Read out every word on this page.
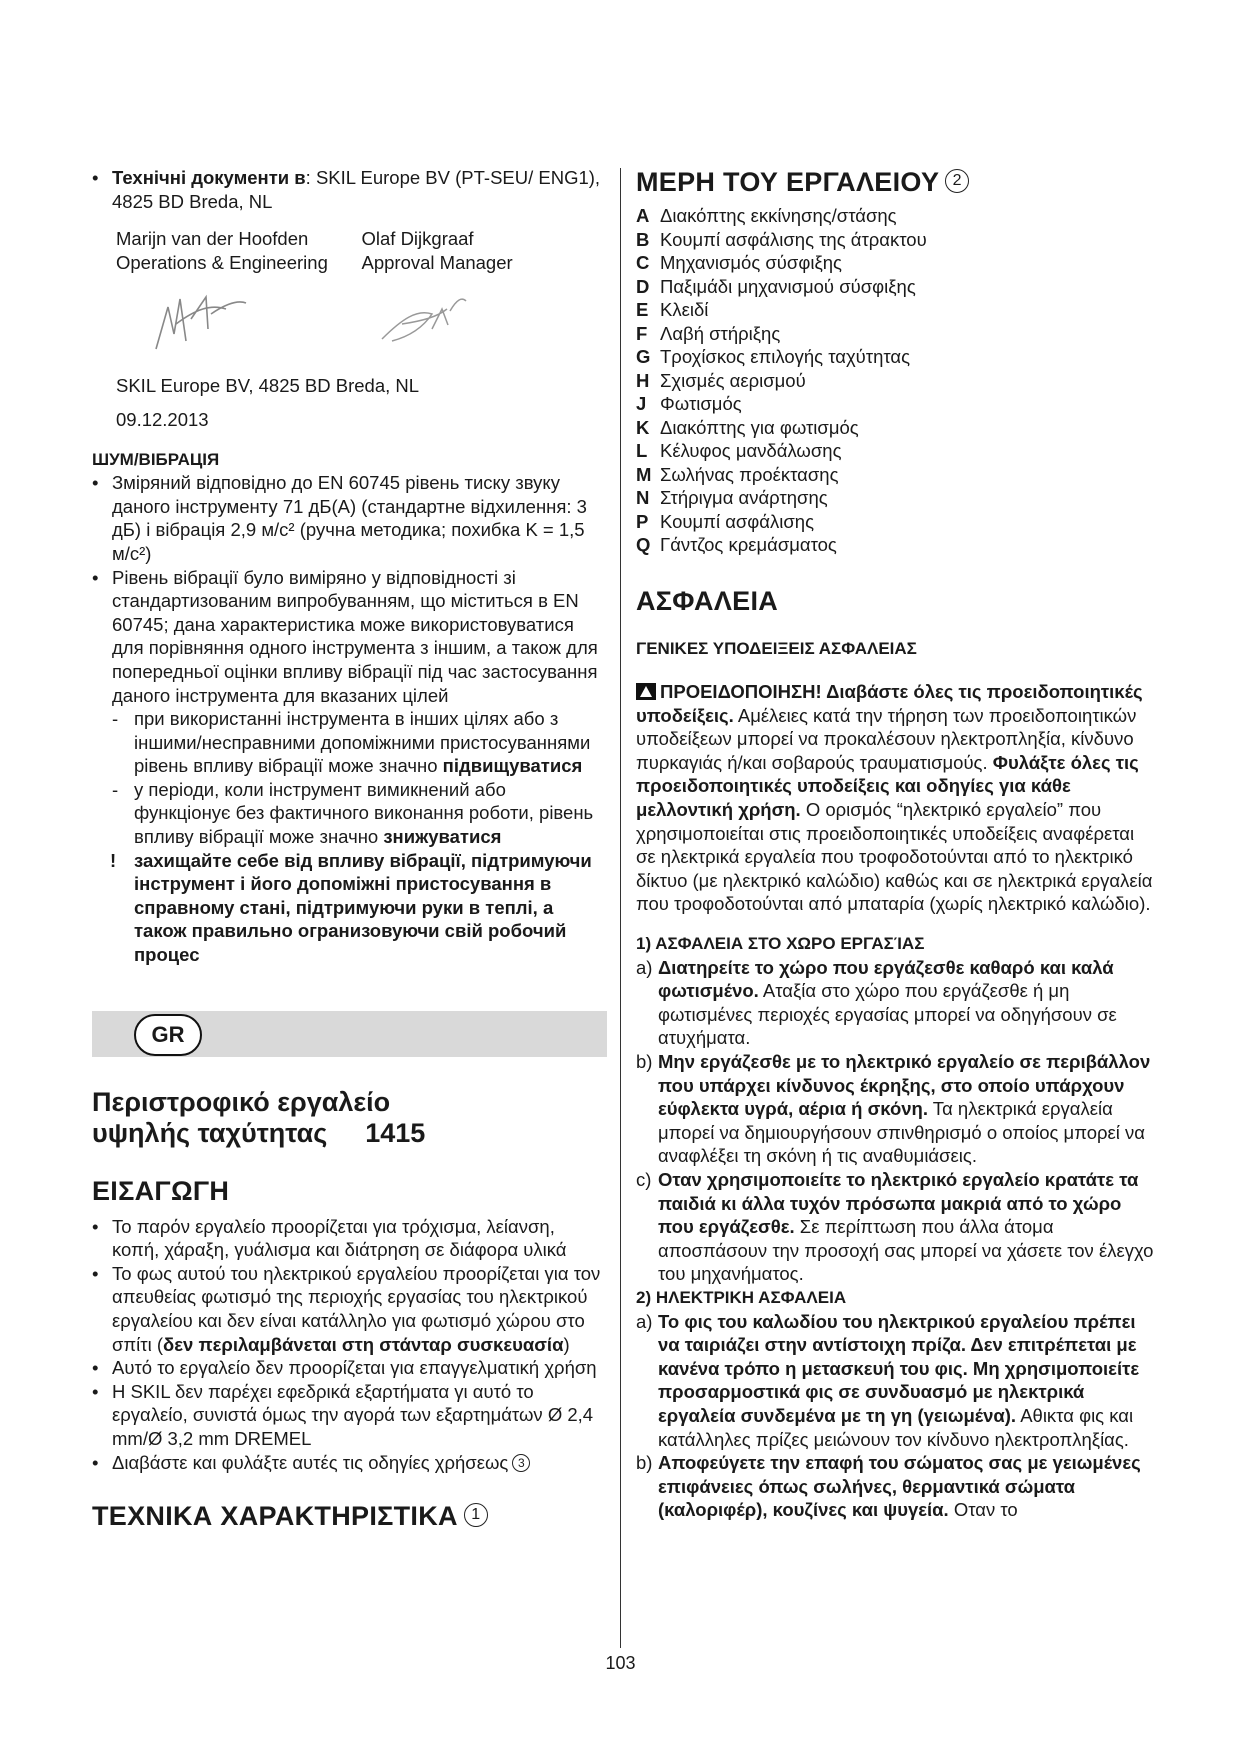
• Технічні документи в: SKIL Europe BV (PT-SEU/ ENG1), 4825 BD Breda, NL

Marijn van der Hoofden

Operations & Engineering

Olaf Dijkgraaf

Approval Manager

SKIL Europe BV, 4825 BD Breda, NL

09.12.2013

ШУМ/ВІБРАЦІЯ

• Зміряний відповідно до EN 60745 рівень тиску звуку даного інструменту 71 дБ(A) (стандартне відхилення: 3 дБ) і вібрація 2,9 м/с² (ручна методика; похибка K = 1,5 м/с²)

• Рівень вібрації було виміряно у відповідності зі стандартизованим випробуванням, що міститься в EN 60745; дана характеристика може використовуватися для порівняння одного інструмента з іншим, а також для попередньої оцінки впливу вібрації під час застосування даного інструмента для вказаних цілей

- при використанні інструмента в інших цілях або з іншими/несправними допоміжними пристосуваннями рівень впливу вібрації може значно підвищуватися

- у періоди, коли інструмент вимикнений або функціонує без фактичного виконання роботи, рівень впливу вібрації може значно знижуватися

! захищайте себе від впливу вібрації, підтримуючи інструмент і його допоміжні пристосування в справному стані, підтримуючи руки в теплі, а також правильно огранизовуючи свій робочий процес

GR
Περιστροφικό εργαλείο
υψηλής ταχύτητας 1415
ΕΙΣΑΓΩΓΗ

• Το παρόν εργαλείο προορίζεται για τρόχισμα, λείανση, κοπή, χάραξη, γυάλισμα και διάτρηση σε διάφορα υλικά

• Το φως αυτού του ηλεκτρικού εργαλείου προορίζεται για τον απευθείας φωτισμό της περιοχής εργασίας του ηλεκτρικού εργαλείου και δεν είναι κατάλληλο για φωτισμό χώρου στο σπίτι (δεν περιλαμβάνεται στη στάνταρ συσκευασία)

• Αυτό το εργαλείο δεν προορίζεται για επαγγελματική χρήση

• Η SKIL δεν παρέχει εφεδρικά εξαρτήματα γι αυτό το εργαλείο, συνιστά όμως την αγορά των εξαρτημάτων Ø 2,4 mm/Ø 3,2 mm DREMEL

• Διαβάστε και φυλάξτε αυτές τις οδηγίες χρήσεως 3

ΤΕΧΝΙΚΑ ΧΑΡΑΚΤΗΡΙΣΤΙΚΑ 1
ΜΕΡΗ ΤΟΥ ΕΡΓΑΛΕΙΟΥ 2

A Διακόπτης εκκίνησης/στάσης

B Κουμπί ασφάλισης της άτρακτου

C Μηχανισμός σύσφιξης

D Παξιμάδι μηχανισμού σύσφιξης

E Κλειδί

F Λαβή στήριξης

G Τροχίσκος επιλογής ταχύτητας

H Σχισμές αερισμού

J Φωτισμός

K Διακόπτης για φωτισμός

L Κέλυφος μανδάλωσης

M Σωλήνας προέκτασης

N Στήριγμα ανάρτησης

P Κουμπί ασφάλισης

Q Γάντζος κρεμάσματος

ΑΣΦΑΛΕΙΑ

ΓΕΝΙΚΕΣ ΥΠΟΔΕΙΞΕΙΣ ΑΣΦΑΛΕΙΑΣ

ΠΡΟΕΙΔΟΠΟΙΗΣΗ! Διαβάστε όλες τις προειδοποιητικές υποδείξεις. Αμέλειες κατά την τήρηση των προειδοποιητικών υποδείξεων μπορεί να προκαλέσουν ηλεκτροπληξία, κίνδυνο πυρκαγιάς ή/και σοβαρούς τραυματισμούς. Φυλάξτε όλες τις προειδοποιητικές υποδείξεις και οδηγίες για κάθε μελλοντική χρήση. Ο ορισμός “ηλεκτρικό εργαλείο” που χρησιμοποιείται στις προειδοποιητικές υποδείξεις αναφέρεται σε ηλεκτρικά εργαλεία που τροφοδοτούνται από το ηλεκτρικό δίκτυο (με ηλεκτρικό καλώδιο) καθώς και σε ηλεκτρικά εργαλεία που τροφοδοτούνται από μπαταρία (χωρίς ηλεκτρικό καλώδιο).

1) ΑΣΦΑΛΕΙΑ ΣΤΟ ΧΩΡΟ ΕΡΓΑΣΊΑΣ

a) Διατηρείτε το χώρο που εργάζεσθε καθαρό και καλά φωτισμένο. Αταξία στο χώρο που εργάζεσθε ή μη φωτισμένες περιοχές εργασίας μπορεί να οδηγήσουν σε ατυχήματα.

b) Μην εργάζεσθε με το ηλεκτρικό εργαλείο σε περιβάλλον που υπάρχει κίνδυνος έκρηξης, στο οποίο υπάρχουν εύφλεκτα υγρά, αέρια ή σκόνη. Τα ηλεκτρικά εργαλεία μπορεί να δημιουργήσουν σπινθηρισμό ο οποίος μπορεί να αναφλέξει τη σκόνη ή τις αναθυμιάσεις.

c) Οταν χρησιμοποιείτε το ηλεκτρικό εργαλείο κρατάτε τα παιδιά κι άλλα τυχόν πρόσωπα μακριά από το χώρο που εργάζεσθε. Σε περίπτωση που άλλα άτομα αποσπάσουν την προσοχή σας μπορεί να χάσετε τον έλεγχο του μηχανήματος.

2) ΗΛΕΚΤΡΙΚΗ ΑΣΦΑΛΕΙΑ

a) Το φις του καλωδίου του ηλεκτρικού εργαλείου πρέπει να ταιριάζει στην αντίστοιχη πρίζα. Δεν επιτρέπεται με κανένα τρόπο η μετασκευή του φις. Μη χρησιμοποιείτε προσαρμοστικά φις σε συνδυασμό με ηλεκτρικά εργαλεία συνδεμένα με τη γη (γειωμένα). Αθικτα φις και κατάλληλες πρίζες μειώνουν τον κίνδυνο ηλεκτροπληξίας.

b) Αποφεύγετε την επαφή του σώματος σας με γειωμένες επιφάνειες όπως σωλήνες, θερμαντικά σώματα (καλοριφέρ), κουζίνες και ψυγεία. Οταν το

103
